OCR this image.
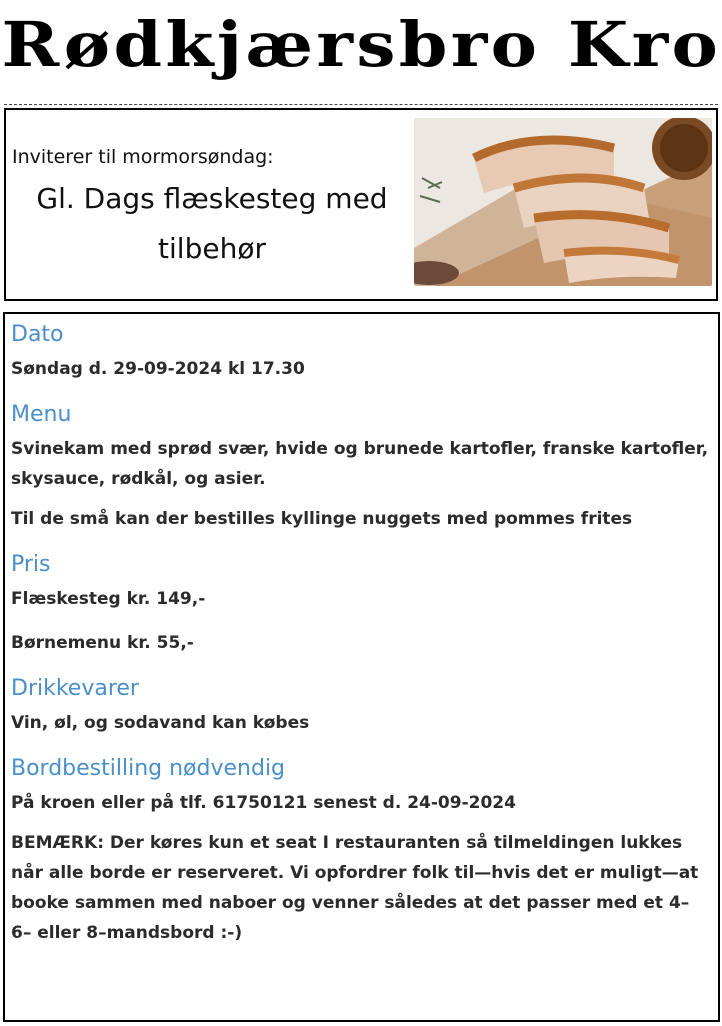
Rødkjærsbro Kro

Inviterer til mormorsøndag:

Gl. Dags flæskesteg med

tilbehør

Dato

Søndag d. 29-09-2024 kl 17.30

Menu

Svinekam med sprød svær, hvide og brunede kartofler, franske kartofler, skysauce, rødkål, og asier.

Til de små kan der bestilles kyllinge nuggets med pommes frites

Pris

Flæskesteg kr. 149,-

Børnemenu kr. 55,-

Drikkevarer

Vin, øl, og sodavand kan købes

Bordbestilling nødvendig

På kroen eller på tlf. 61750121 senest d. 24-09-2024

BEMÆRK: Der køres kun et seat I restauranten så tilmeldingen lukkes når alle borde er reserveret. Vi opfordrer folk til—hvis det er muligt—at booke sammen med naboer og venner således at det passer med et 4– 6– eller 8–mandsbord :-)
